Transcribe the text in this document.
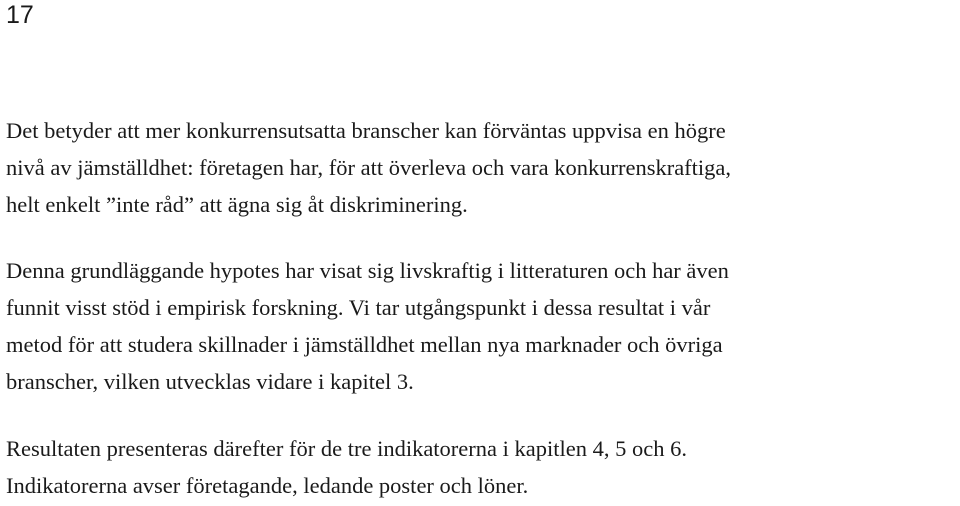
17

Det betyder att mer konkurrensutsatta branscher kan förväntas uppvisa en högre
nivå av jämställdhet: företagen har, för att överleva och vara konkurrenskraftiga,
helt enkelt ”inte råd” att ägna sig åt diskriminering.

Denna grundläggande hypotes har visat sig livskraftig i litteraturen och har även
funnit visst stöd i empirisk forskning. Vi tar utgångspunkt i dessa resultat i vår
metod för att studera skillnader i jämställdhet mellan nya marknader och övriga
branscher, vilken utvecklas vidare i kapitel 3.

Resultaten presenteras därefter för de tre indikatorerna i kapitlen 4, 5 och 6.
Indikatorerna avser företagande, ledande poster och löner.
